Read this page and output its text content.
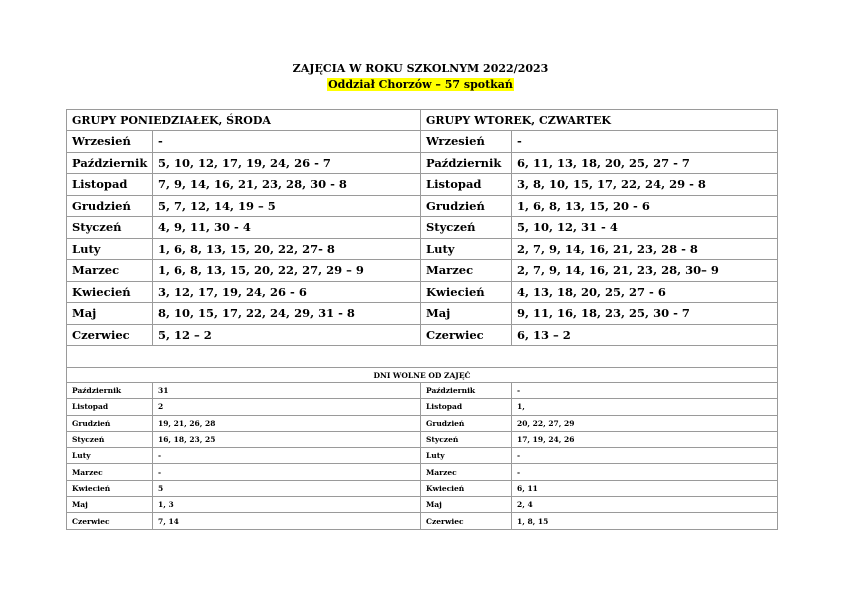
ZAJĘCIA W ROKU SZKOLNYM 2022/2023
Oddział Chorzów – 57 spotkań
GRUPY PONIEDZIAŁEK, ŚRODA		GRUPY WTOREK, CZWARTEK	
Wrzesień	-	Wrzesień	-
Październik	5, 10, 12, 17, 19, 24, 26 - 7	Październik	6, 11, 13, 18, 20, 25, 27 - 7
Listopad	7, 9, 14, 16, 21, 23, 28, 30 - 8	Listopad	3, 8, 10, 15, 17, 22, 24, 29 - 8
Grudzień	5, 7, 12, 14, 19 – 5	Grudzień	1, 6, 8, 13, 15, 20 - 6
Styczeń	4, 9, 11, 30 - 4	Styczeń	5, 10, 12, 31 - 4
Luty	1, 6, 8, 13, 15, 20, 22, 27- 8	Luty	2, 7, 9, 14, 16, 21, 23, 28 - 8
Marzec	1, 6, 8, 13, 15, 20, 22, 27, 29 – 9	Marzec	2, 7, 9, 14, 16, 21, 23, 28, 30– 9
Kwiecień	3, 12, 17, 19, 24, 26 - 6	Kwiecień	4, 13, 18, 20, 25, 27 - 6
Maj	8, 10, 15, 17, 22, 24, 29, 31 - 8	Maj	9, 11, 16, 18, 23, 25, 30 - 7
Czerwiec	5, 12 – 2	Czerwiec	6, 13 – 2

DNI WOLNE OD ZAJĘĆ			
Październik	31	Październik	-
Listopad	2	Listopad	1,
Grudzień	19, 21, 26, 28	Grudzień	20, 22, 27, 29
Styczeń	16, 18, 23, 25	Styczeń	17, 19, 24, 26
Luty	-	Luty	-
Marzec	-	Marzec	-
Kwiecień	5	Kwiecień	6, 11
Maj	1, 3	Maj	2, 4
Czerwiec	7, 14	Czerwiec	1, 8, 15
